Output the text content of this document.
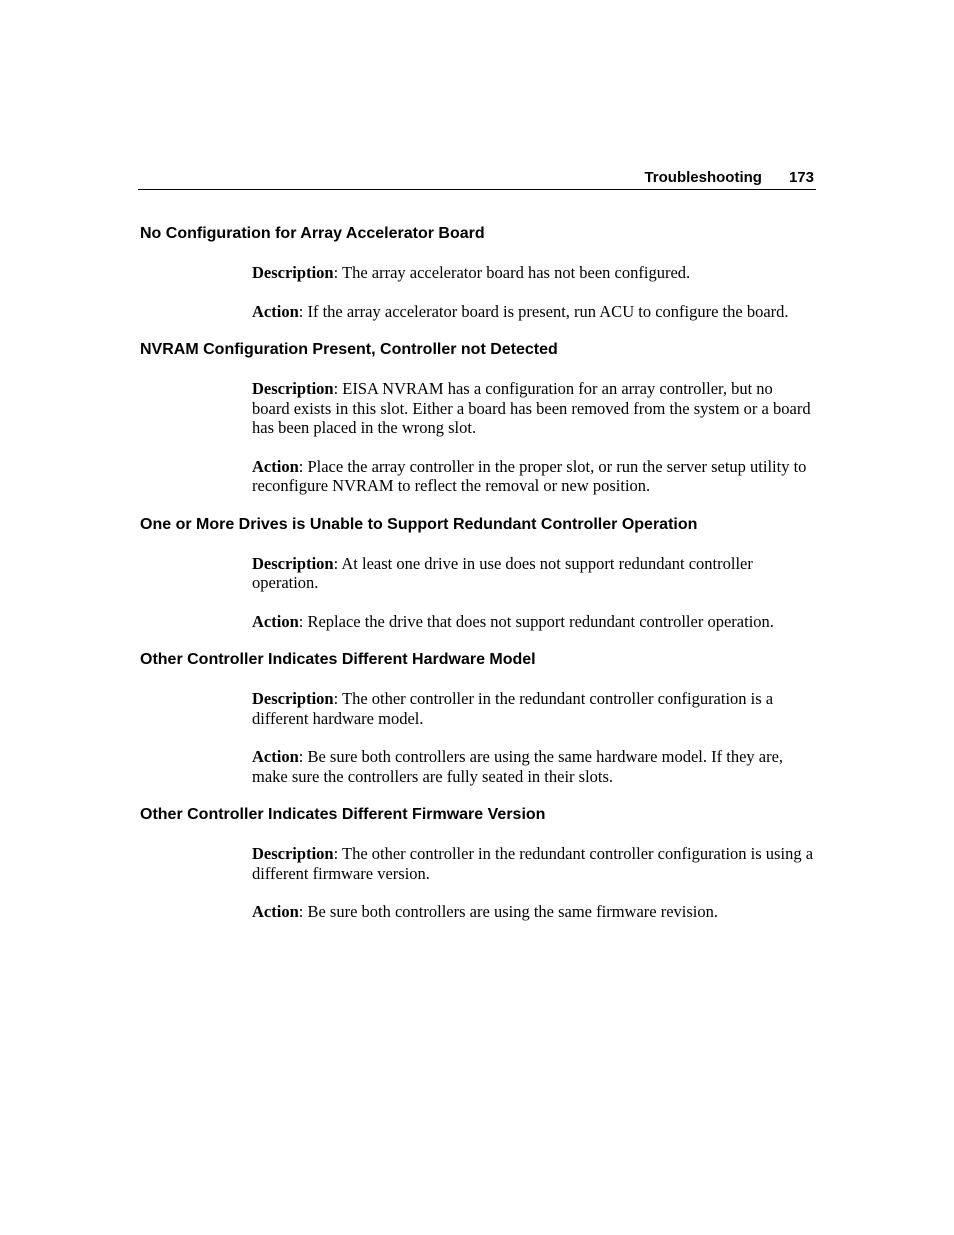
Troubleshooting 173
No Configuration for Array Accelerator Board

Description: The array accelerator board has not been configured.

Action: If the array accelerator board is present, run ACU to configure the board.

NVRAM Configuration Present, Controller not Detected

Description: EISA NVRAM has a configuration for an array controller, but no board exists in this slot. Either a board has been removed from the system or a board has been placed in the wrong slot.

Action: Place the array controller in the proper slot, or run the server setup utility to reconfigure NVRAM to reflect the removal or new position.

One or More Drives is Unable to Support Redundant Controller Operation

Description: At least one drive in use does not support redundant controller operation.

Action: Replace the drive that does not support redundant controller operation.

Other Controller Indicates Different Hardware Model

Description: The other controller in the redundant controller configuration is a different hardware model.

Action: Be sure both controllers are using the same hardware model. If they are, make sure the controllers are fully seated in their slots.

Other Controller Indicates Different Firmware Version

Description: The other controller in the redundant controller configuration is using a different firmware version.

Action: Be sure both controllers are using the same firmware revision.
